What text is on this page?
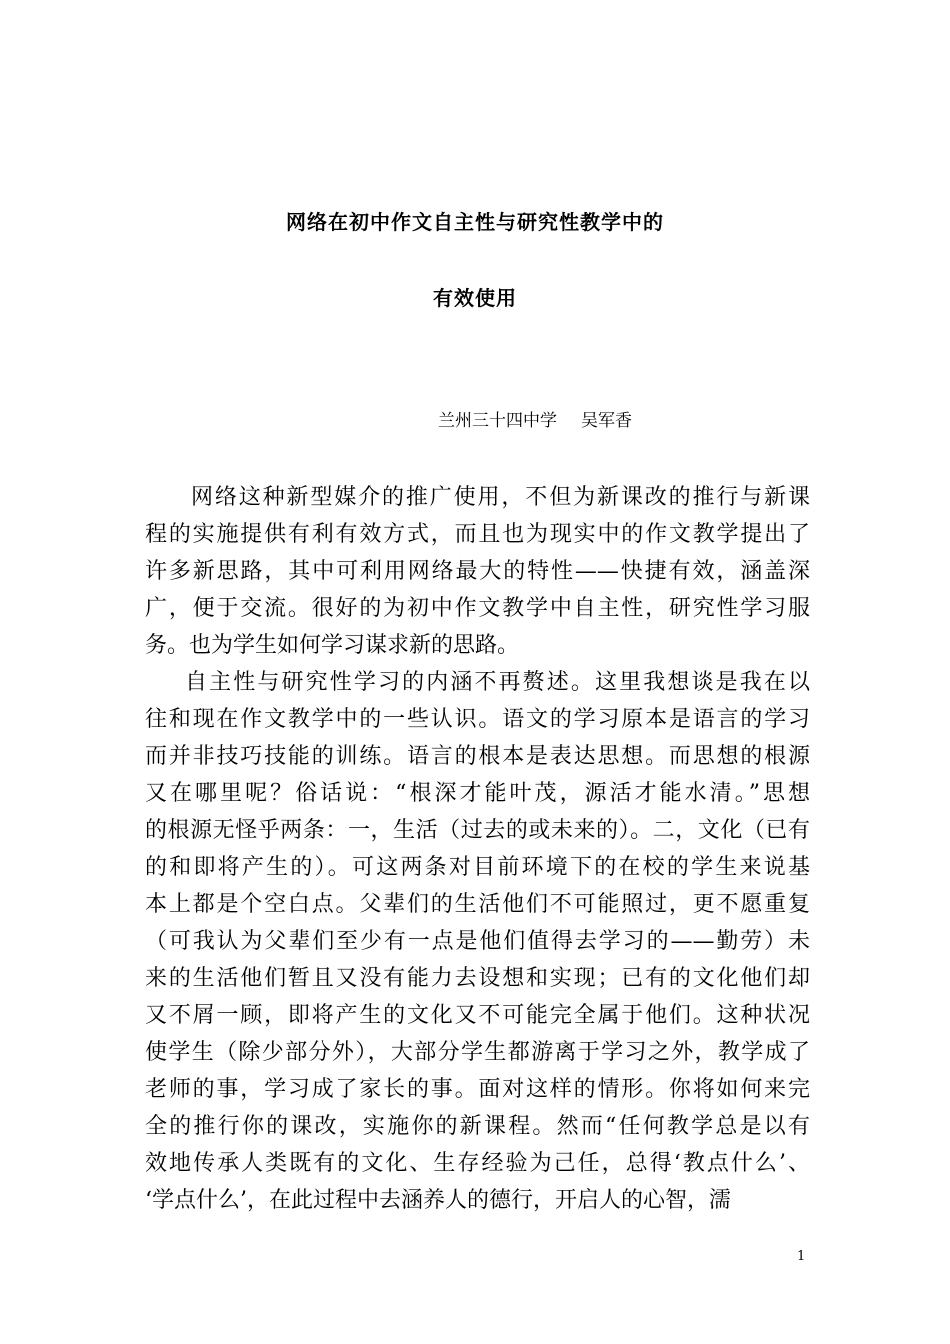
网络在初中作文自主性与研究性教学中的
有效使用
兰州三十四中学 吴军香
网络这种新型媒介的推广使用，不但为新课改的推行与新课
程的实施提供有利有效方式，而且也为现实中的作文教学提出了
许多新思路，其中可利用网络最大的特性——快捷有效，涵盖深
广，便于交流。很好的为初中作文教学中自主性，研究性学习服
务。也为学生如何学习谋求新的思路。
自主性与研究性学习的内涵不再赘述。这里我想谈是我在以
往和现在作文教学中的一些认识。语文的学习原本是语言的学习
而并非技巧技能的训练。语言的根本是表达思想。而思想的根源
又在哪里呢？俗话说：“根深才能叶茂，源活才能水清。”思想
的根源无怪乎两条：一，生活（过去的或未来的）。二，文化（已有
的和即将产生的）。可这两条对目前环境下的在校的学生来说基
本上都是个空白点。父辈们的生活他们不可能照过，更不愿重复
（可我认为父辈们至少有一点是他们值得去学习的——勤劳）未
来的生活他们暂且又没有能力去设想和实现；已有的文化他们却
又不屑一顾，即将产生的文化又不可能完全属于他们。这种状况
使学生（除少部分外），大部分学生都游离于学习之外，教学成了
老师的事，学习成了家长的事。面对这样的情形。你将如何来完
全的推行你的课改，实施你的新课程。然而“任何教学总是以有
效地传承人类既有的文化、生存经验为己任，总得‘教点什么’、
‘学点什么’，在此过程中去涵养人的德行，开启人的心智，濡
1
